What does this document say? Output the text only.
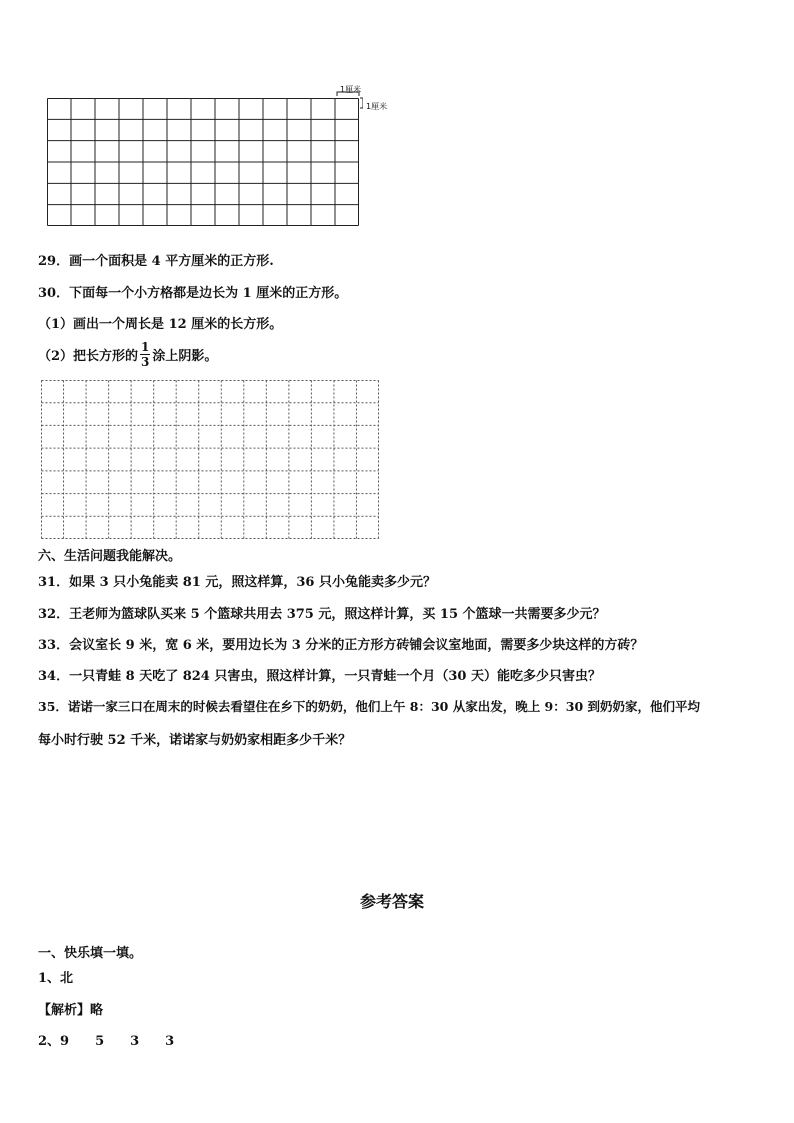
1厘米
1厘米
29．画一个面积是 4 平方厘米的正方形.
30．下面每一个小方格都是边长为 1 厘米的正方形。
（1）画出一个周长是 12 厘米的长方形。
（2）把长方形的 $\frac{1}{3}$ 涂上阴影。
六、生活问题我能解决。
31．如果 3 只小兔能卖 81 元，照这样算，36 只小兔能卖多少元？
32．王老师为篮球队买来 5 个篮球共用去 375 元，照这样计算，买 15 个篮球一共需要多少元？
33．会议室长 9 米，宽 6 米，要用边长为 3 分米的正方形方砖铺会议室地面，需要多少块这样的方砖？
34．一只青蛙 8 天吃了 824 只害虫，照这样计算，一只青蛙一个月（30 天）能吃多少只害虫？
35．诺诺一家三口在周末的时候去看望住在乡下的奶奶，他们上午 8：30 从家出发，晚上 9：30 到奶奶家，他们平均
每小时行驶 52 千米，诺诺家与奶奶家相距多少千米？
参考答案
一、快乐填一填。
1、北
【解析】略
2、9　　5　　3　　3
